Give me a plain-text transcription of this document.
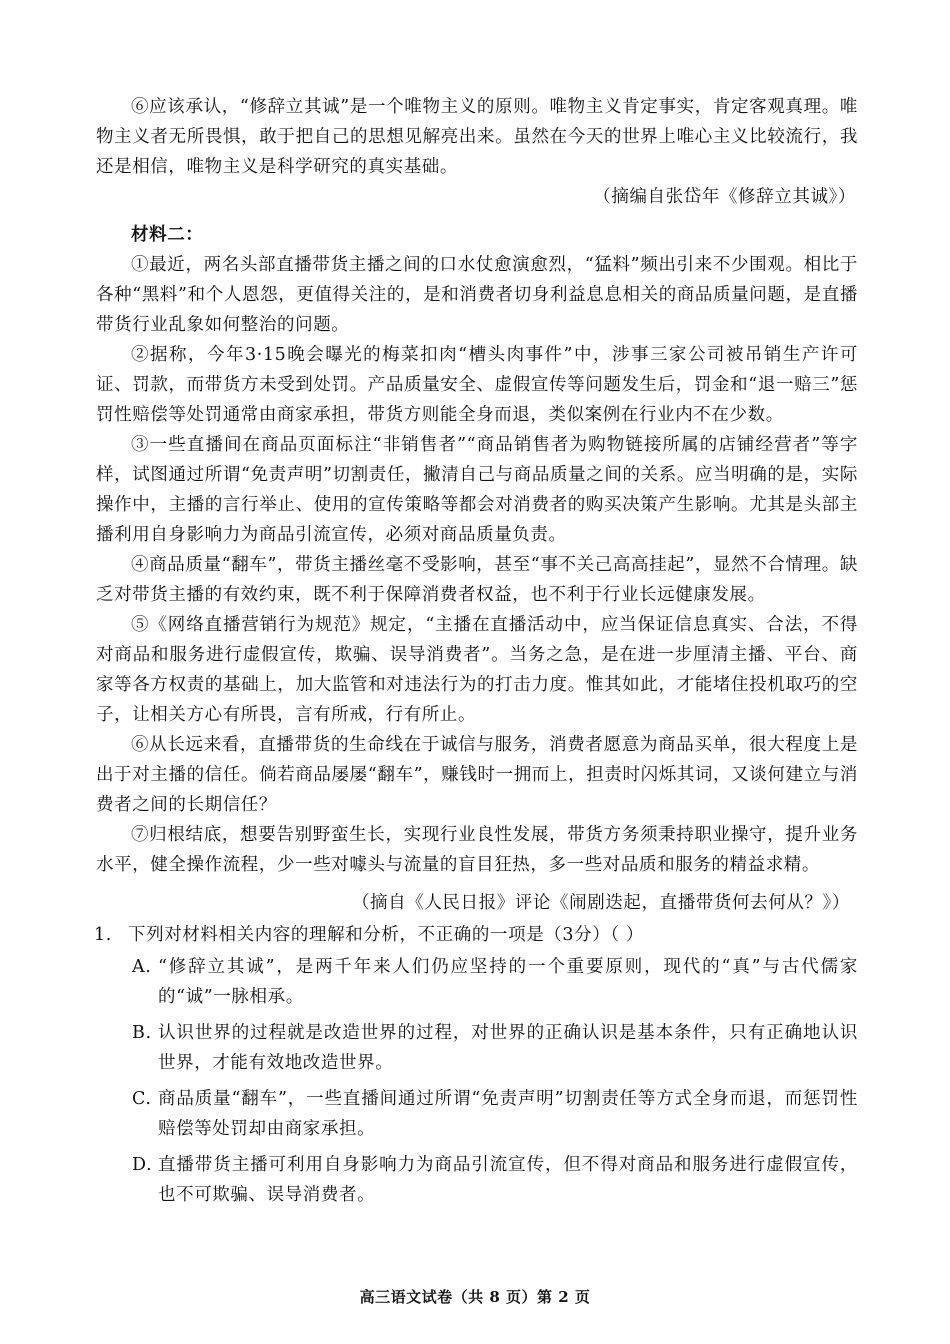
⑥应该承认，“修辞立其诚”是一个唯物主义的原则。唯物主义肯定事实，肯定客观真理。唯物主义者无所畏惧，敢于把自己的思想见解亮出来。虽然在今天的世界上唯心主义比较流行，我还是相信，唯物主义是科学研究的真实基础。

（摘编自张岱年《修辞立其诚》）

材料二：

①最近，两名头部直播带货主播之间的口水仗愈演愈烈，“猛料”频出引来不少围观。相比于各种“黑料”和个人恩怨，更值得关注的，是和消费者切身利益息息相关的商品质量问题，是直播带货行业乱象如何整治的问题。

②据称，今年3·15晚会曝光的梅菜扣肉“槽头肉事件”中，涉事三家公司被吊销生产许可证、罚款，而带货方未受到处罚。产品质量安全、虚假宣传等问题发生后，罚金和“退一赔三”惩罚性赔偿等处罚通常由商家承担，带货方则能全身而退，类似案例在行业内不在少数。

③一些直播间在商品页面标注“非销售者”“商品销售者为购物链接所属的店铺经营者”等字样，试图通过所谓“免责声明”切割责任，撇清自己与商品质量之间的关系。应当明确的是，实际操作中，主播的言行举止、使用的宣传策略等都会对消费者的购买决策产生影响。尤其是头部主播利用自身影响力为商品引流宣传，必须对商品质量负责。

④商品质量“翻车”，带货主播丝毫不受影响，甚至“事不关己高高挂起”，显然不合情理。缺乏对带货主播的有效约束，既不利于保障消费者权益，也不利于行业长远健康发展。

⑤《网络直播营销行为规范》规定，“主播在直播活动中，应当保证信息真实、合法，不得对商品和服务进行虚假宣传，欺骗、误导消费者”。当务之急，是在进一步厘清主播、平台、商家等各方权责的基础上，加大监管和对违法行为的打击力度。惟其如此，才能堵住投机取巧的空子，让相关方心有所畏，言有所戒，行有所止。

⑥从长远来看，直播带货的生命线在于诚信与服务，消费者愿意为商品买单，很大程度上是出于对主播的信任。倘若商品屡屡“翻车”，赚钱时一拥而上，担责时闪烁其词，又谈何建立与消费者之间的长期信任？

⑦归根结底，想要告别野蛮生长，实现行业良性发展，带货方务须秉持职业操守，提升业务水平，健全操作流程，少一些对噱头与流量的盲目狂热，多一些对品质和服务的精益求精。

（摘自《人民日报》评论《闹剧迭起，直播带货何去何从？》）

1. 下列对材料相关内容的理解和分析，不正确的一项是（3分）（ ）
A. “修辞立其诚”，是两千年来人们仍应坚持的一个重要原则，现代的“真”与古代儒家的“诚”一脉相承。
B. 认识世界的过程就是改造世界的过程，对世界的正确认识是基本条件，只有正确地认识世界，才能有效地改造世界。
C. 商品质量“翻车”，一些直播间通过所谓“免责声明”切割责任等方式全身而退，而惩罚性赔偿等处罚却由商家承担。
D. 直播带货主播可利用自身影响力为商品引流宣传，但不得对商品和服务进行虚假宣传，也不可欺骗、误导消费者。
高三语文试卷（共 8 页）第 2 页
